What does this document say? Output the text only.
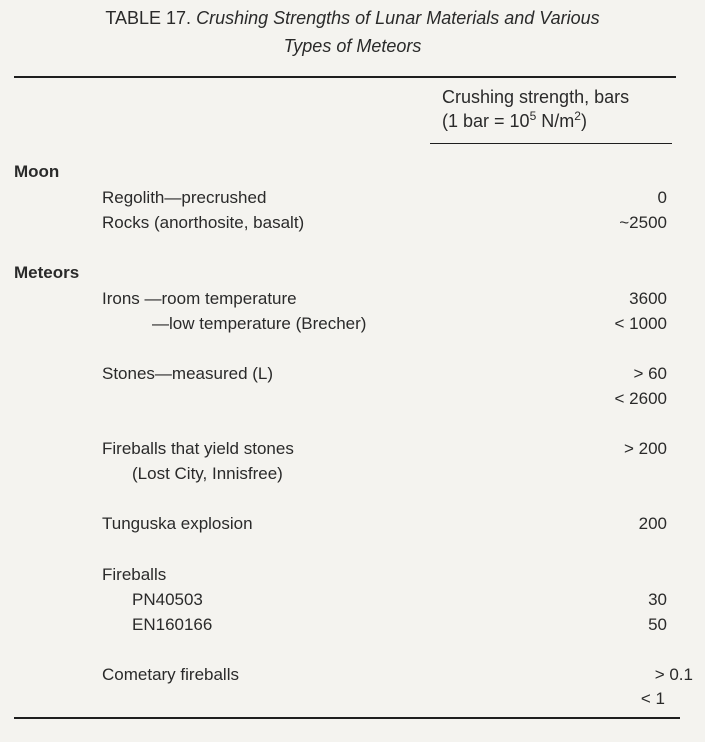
TABLE 17. Crushing Strengths of Lunar Materials and Various
Types of Meteors
Crushing strength, bars
(1 bar = $10^5$ $N/m^2$)
Moon
Regolith—precrushed	0
Rocks (anorthosite, basalt)	~2500
Meteors
Irons —room temperature	3600
—low temperature (Brecher)	< 1000
Stones—measured (L)	> 60
< 2600
Fireballs that yield stones	> 200
(Lost City, Innisfree)
Tunguska explosion	200
Fireballs
PN40503	30
EN160166	50
Cometary fireballs	> 0.1
< 1
